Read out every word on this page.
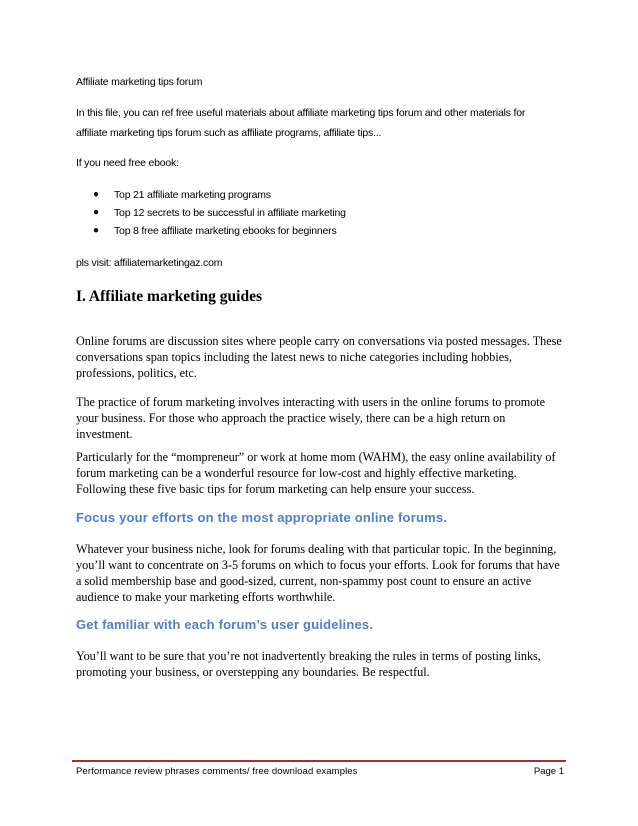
Affiliate marketing tips forum
In this file, you can ref free useful materials about affiliate marketing tips forum and other materials for
affiliate marketing tips forum such as affiliate programs, affiliate tips...
If you need free ebook:
● Top 21 affiliate marketing programs
● Top 12 secrets to be successful in affiliate marketing
● Top 8 free affiliate marketing ebooks for beginners
pls visit: affiliatemarketingaz.com
I. Affiliate marketing guides
Online forums are discussion sites where people carry on conversations via posted messages. These conversations span topics including the latest news to niche categories including hobbies, professions, politics, etc.
The practice of forum marketing involves interacting with users in the online forums to promote your business. For those who approach the practice wisely, there can be a high return on investment.
Particularly for the “mompreneur” or work at home mom (WAHM), the easy online availability of forum marketing can be a wonderful resource for low-cost and highly effective marketing. Following these five basic tips for forum marketing can help ensure your success.
Focus your efforts on the most appropriate online forums.
Whatever your business niche, look for forums dealing with that particular topic. In the beginning, you’ll want to concentrate on 3-5 forums on which to focus your efforts. Look for forums that have a solid membership base and good-sized, current, non-spammy post count to ensure an active audience to make your marketing efforts worthwhile.
Get familiar with each forum’s user guidelines.
You’ll want to be sure that you’re not inadvertently breaking the rules in terms of posting links, promoting your business, or overstepping any boundaries. Be respectful.
Performance review phrases comments/ free download examples	Page 1
